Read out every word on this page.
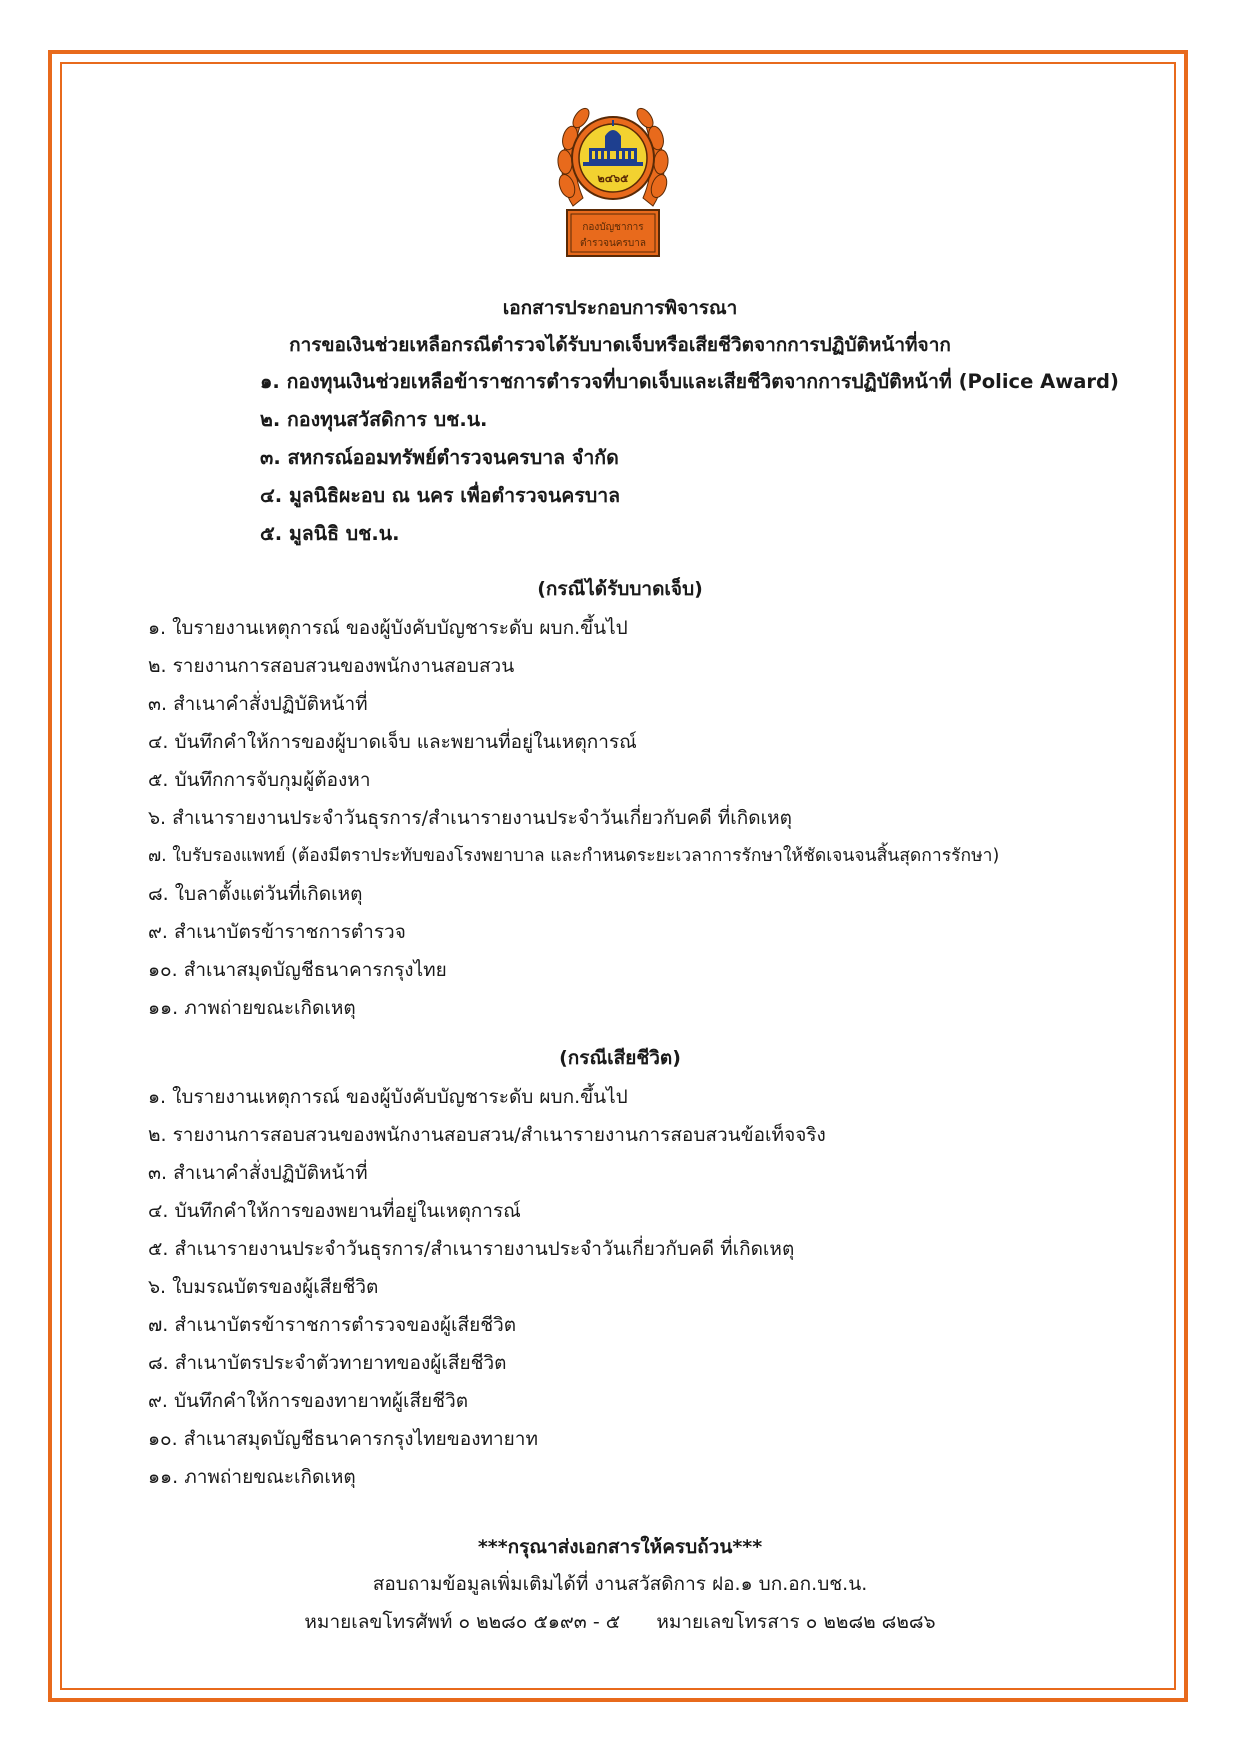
๒๔๖๕
กองบัญชาการ
ตำรวจนครบาล
เอกสารประกอบการพิจารณา
การขอเงินช่วยเหลือกรณีตำรวจได้รับบาดเจ็บหรือเสียชีวิตจากการปฏิบัติหน้าที่จาก
๑. กองทุนเงินช่วยเหลือข้าราชการตำรวจที่บาดเจ็บและเสียชีวิตจากการปฏิบัติหน้าที่ (Police Award)
๒. กองทุนสวัสดิการ บช.น.
๓. สหกรณ์ออมทรัพย์ตำรวจนครบาล จำกัด
๔. มูลนิธิผะอบ ณ นคร เพื่อตำรวจนครบาล
๕. มูลนิธิ บช.น.
(กรณีได้รับบาดเจ็บ)
๑. ใบรายงานเหตุการณ์ ของผู้บังคับบัญชาระดับ ผบก.ขึ้นไป
๒. รายงานการสอบสวนของพนักงานสอบสวน
๓. สำเนาคำสั่งปฏิบัติหน้าที่
๔. บันทึกคำให้การของผู้บาดเจ็บ และพยานที่อยู่ในเหตุการณ์
๕. บันทึกการจับกุมผู้ต้องหา
๖. สำเนารายงานประจำวันธุรการ/สำเนารายงานประจำวันเกี่ยวกับคดี ที่เกิดเหตุ
๗. ใบรับรองแพทย์ (ต้องมีตราประทับของโรงพยาบาล และกำหนดระยะเวลาการรักษาให้ชัดเจนจนสิ้นสุดการรักษา)
๘. ใบลาตั้งแต่วันที่เกิดเหตุ
๙. สำเนาบัตรข้าราชการตำรวจ
๑๐. สำเนาสมุดบัญชีธนาคารกรุงไทย
๑๑. ภาพถ่ายขณะเกิดเหตุ
(กรณีเสียชีวิต)
๑. ใบรายงานเหตุการณ์ ของผู้บังคับบัญชาระดับ ผบก.ขึ้นไป
๒. รายงานการสอบสวนของพนักงานสอบสวน/สำเนารายงานการสอบสวนข้อเท็จจริง
๓. สำเนาคำสั่งปฏิบัติหน้าที่
๔. บันทึกคำให้การของพยานที่อยู่ในเหตุการณ์
๕. สำเนารายงานประจำวันธุรการ/สำเนารายงานประจำวันเกี่ยวกับคดี ที่เกิดเหตุ
๖. ใบมรณบัตรของผู้เสียชีวิต
๗. สำเนาบัตรข้าราชการตำรวจของผู้เสียชีวิต
๘. สำเนาบัตรประจำตัวทายาทของผู้เสียชีวิต
๙. บันทึกคำให้การของทายาทผู้เสียชีวิต
๑๐. สำเนาสมุดบัญชีธนาคารกรุงไทยของทายาท
๑๑. ภาพถ่ายขณะเกิดเหตุ
***กรุณาส่งเอกสารให้ครบถ้วน***
สอบถามข้อมูลเพิ่มเติมได้ที่ งานสวัสดิการ ฝอ.๑ บก.อก.บช.น.
หมายเลขโทรศัพท์ ๐ ๒๒๘๐ ๕๑๙๓ - ๕      หมายเลขโทรสาร ๐ ๒๒๘๒ ๘๒๘๖
